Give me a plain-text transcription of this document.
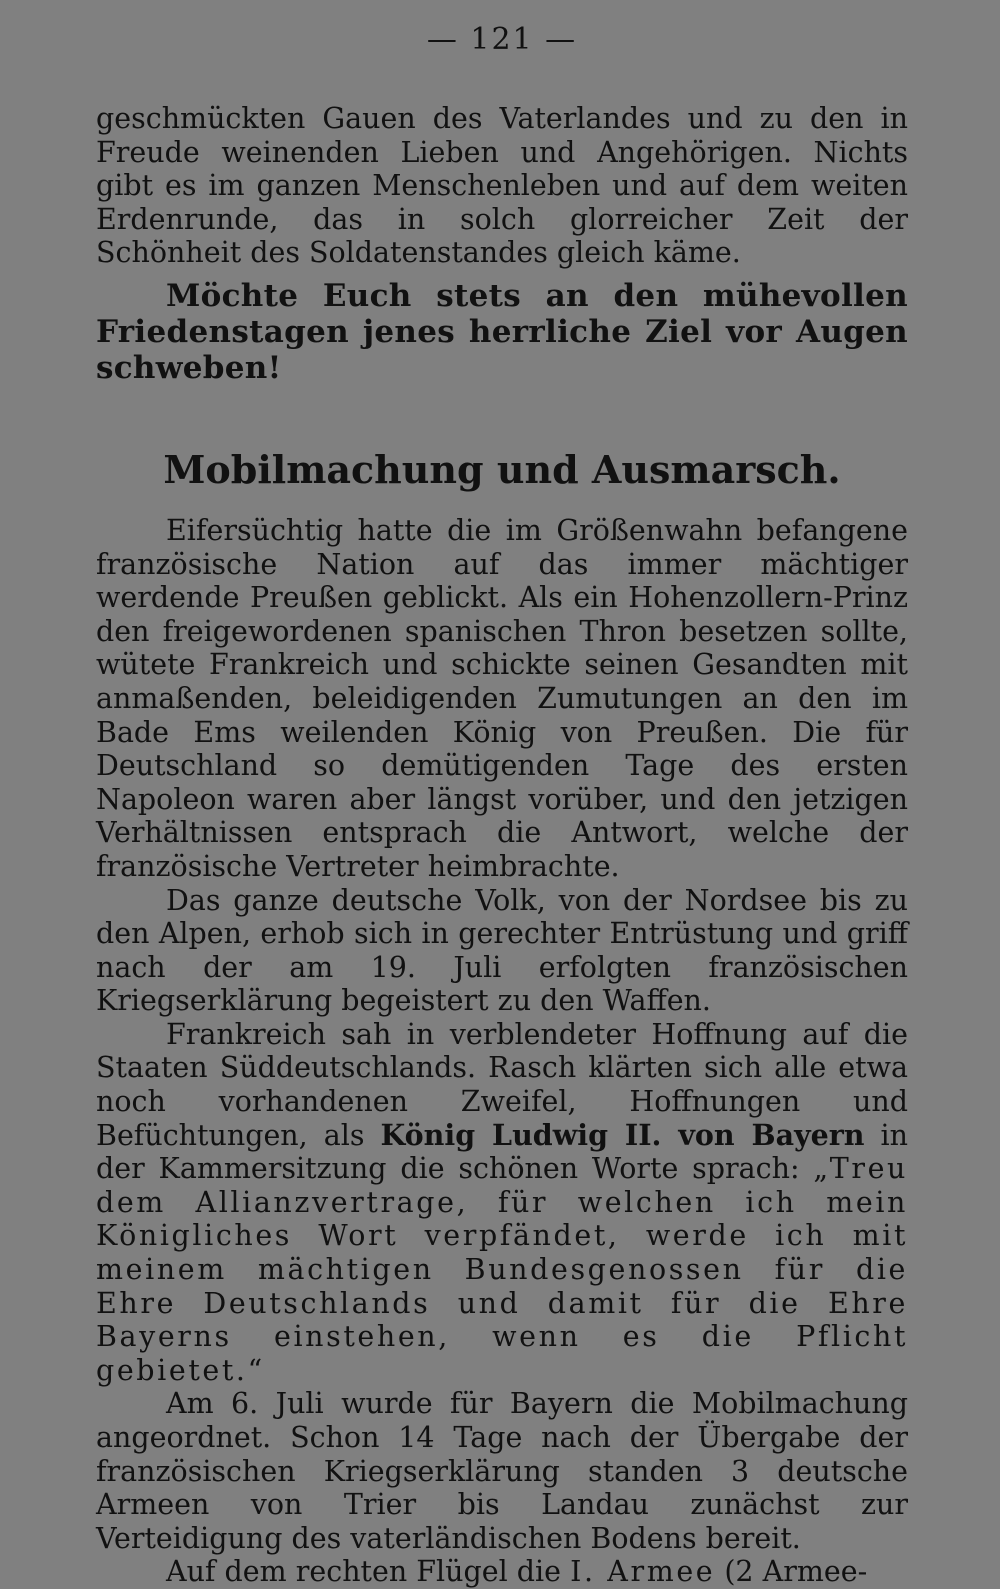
— 121 —

geschmückten Gauen des Vaterlandes und zu den in Freude weinenden Lieben und Angehörigen. Nichts gibt es im ganzen Menschenleben und auf dem weiten Erdenrunde, das in solch glorreicher Zeit der Schönheit des Soldatenstandes gleich käme.

Möchte Euch stets an den mühevollen Friedenstagen jenes herrliche Ziel vor Augen schweben!

Mobilmachung und Ausmarsch.

Eifersüchtig hatte die im Größenwahn befangene französische Nation auf das immer mächtiger werdende Preußen geblickt. Als ein Hohenzollern-Prinz den freigewordenen spanischen Thron besetzen sollte, wütete Frankreich und schickte seinen Gesandten mit anmaßenden, beleidigenden Zumutungen an den im Bade Ems weilenden König von Preußen. Die für Deutschland so demütigenden Tage des ersten Napoleon waren aber längst vorüber, und den jetzigen Verhältnissen entsprach die Antwort, welche der französische Vertreter heimbrachte.

Das ganze deutsche Volk, von der Nordsee bis zu den Alpen, erhob sich in gerechter Entrüstung und griff nach der am 19. Juli erfolgten französischen Kriegserklärung begeistert zu den Waffen.

Frankreich sah in verblendeter Hoffnung auf die Staaten Süddeutschlands. Rasch klärten sich alle etwa noch vorhandenen Zweifel, Hoffnungen und Befüchtungen, als König Ludwig II. von Bayern in der Kammersitzung die schönen Worte sprach: „Treu dem Allianzvertrage, für welchen ich mein Königliches Wort verpfändet, werde ich mit meinem mächtigen Bundesgenossen für die Ehre Deutschlands und damit für die Ehre Bayerns einstehen, wenn es die Pflicht gebietet.“

Am 6. Juli wurde für Bayern die Mobilmachung angeordnet. Schon 14 Tage nach der Übergabe der französischen Kriegserklärung standen 3 deutsche Armeen von Trier bis Landau zunächst zur Verteidigung des vaterländischen Bodens bereit.

Auf dem rechten Flügel die I. Armee (2 Armee-
